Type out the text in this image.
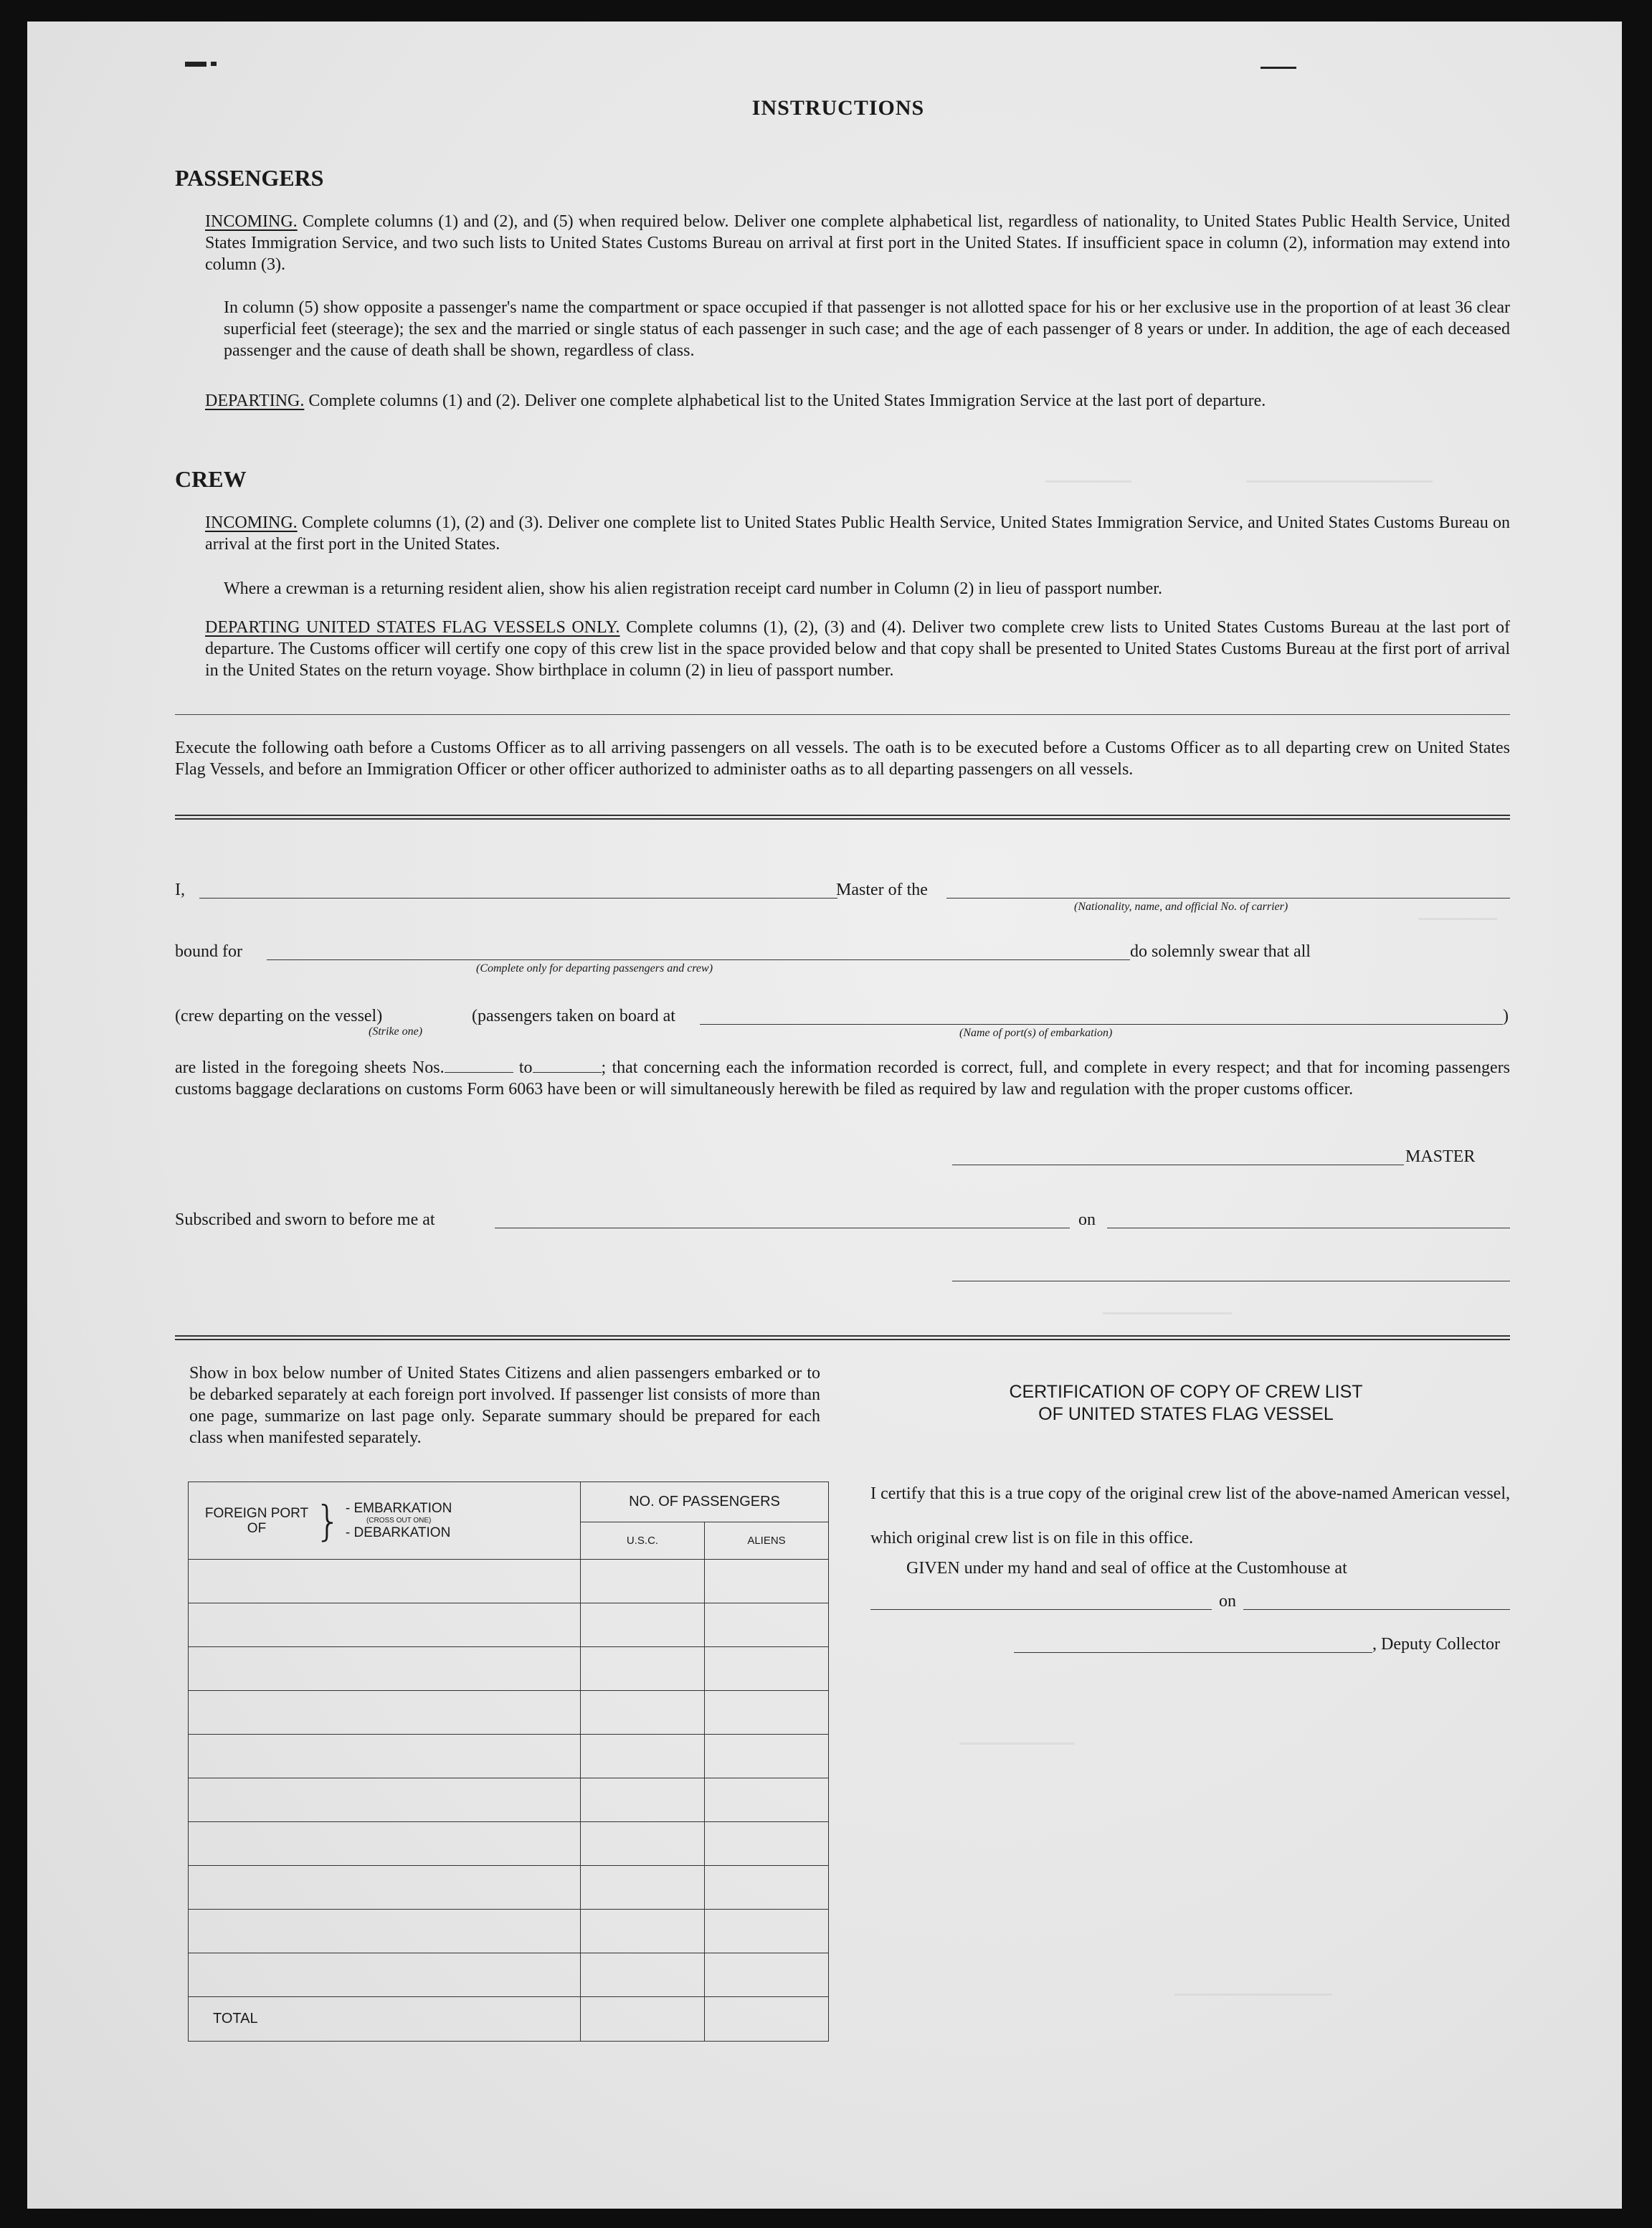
INSTRUCTIONS
PASSENGERS
INCOMING. Complete columns (1) and (2), and (5) when required below. Deliver one complete alphabetical list, regardless of nationality, to United States Public Health Service, United States Immigration Service, and two such lists to United States Customs Bureau on arrival at first port in the United States. If insufficient space in column (2), information may extend into column (3).
In column (5) show opposite a passenger's name the compartment or space occupied if that passenger is not allotted space for his or her exclusive use in the proportion of at least 36 clear superficial feet (steerage); the sex and the married or single status of each passenger in such case; and the age of each passenger of 8 years or under. In addition, the age of each deceased passenger and the cause of death shall be shown, regardless of class.
DEPARTING. Complete columns (1) and (2). Deliver one complete alphabetical list to the United States Immigration Service at the last port of departure.
CREW
INCOMING. Complete columns (1), (2) and (3). Deliver one complete list to United States Public Health Service, United States Immigration Service, and United States Customs Bureau on arrival at the first port in the United States.
Where a crewman is a returning resident alien, show his alien registration receipt card number in Column (2) in lieu of passport number.
DEPARTING UNITED STATES FLAG VESSELS ONLY. Complete columns (1), (2), (3) and (4). Deliver two complete crew lists to United States Customs Bureau at the last port of departure. The Customs officer will certify one copy of this crew list in the space provided below and that copy shall be presented to United States Customs Bureau at the first port of arrival in the United States on the return voyage. Show birthplace in column (2) in lieu of passport number.
Execute the following oath before a Customs Officer as to all arriving passengers on all vessels. The oath is to be executed before a Customs Officer as to all departing crew on United States Flag Vessels, and before an Immigration Officer or other officer authorized to administer oaths as to all departing passengers on all vessels.
I,	Master of the
(Nationality, name, and official No. of carrier)
bound for
(Complete only for departing passengers and crew)
do solemnly swear that all
(crew departing on the vessel)	(passengers taken on board at
(Strike one)	(Name of port(s) of embarkation)
)
are listed in the foregoing sheets Nos.	to	; that concerning each the information recorded is correct, full, and complete in every respect; and that for incoming passengers customs baggage declarations on customs Form 6063 have been or will simultaneously herewith be filed as required by law and regulation with the proper customs officer.
MASTER
Subscribed and sworn to before me at	on
Show in box below number of United States Citizens and alien passengers embarked or to be debarked separately at each foreign port involved. If passenger list consists of more than one page, summarize on last page only. Separate summary should be prepared for each class when manifested separately.
FOREIGN PORT OF } - EMBARKATION
(CROSS OUT ONE)
- DEBARKATION	NO. OF PASSENGERS	
	U.S.C.	ALIENS

TOTAL		
CERTIFICATION OF COPY OF CREW LIST
OF UNITED STATES FLAG VESSEL
I certify that this is a true copy of the original crew list of the above-named American vessel, which original crew list is on file in this office.
GIVEN under my hand and seal of office at the Customhouse at
on
, Deputy Collector
